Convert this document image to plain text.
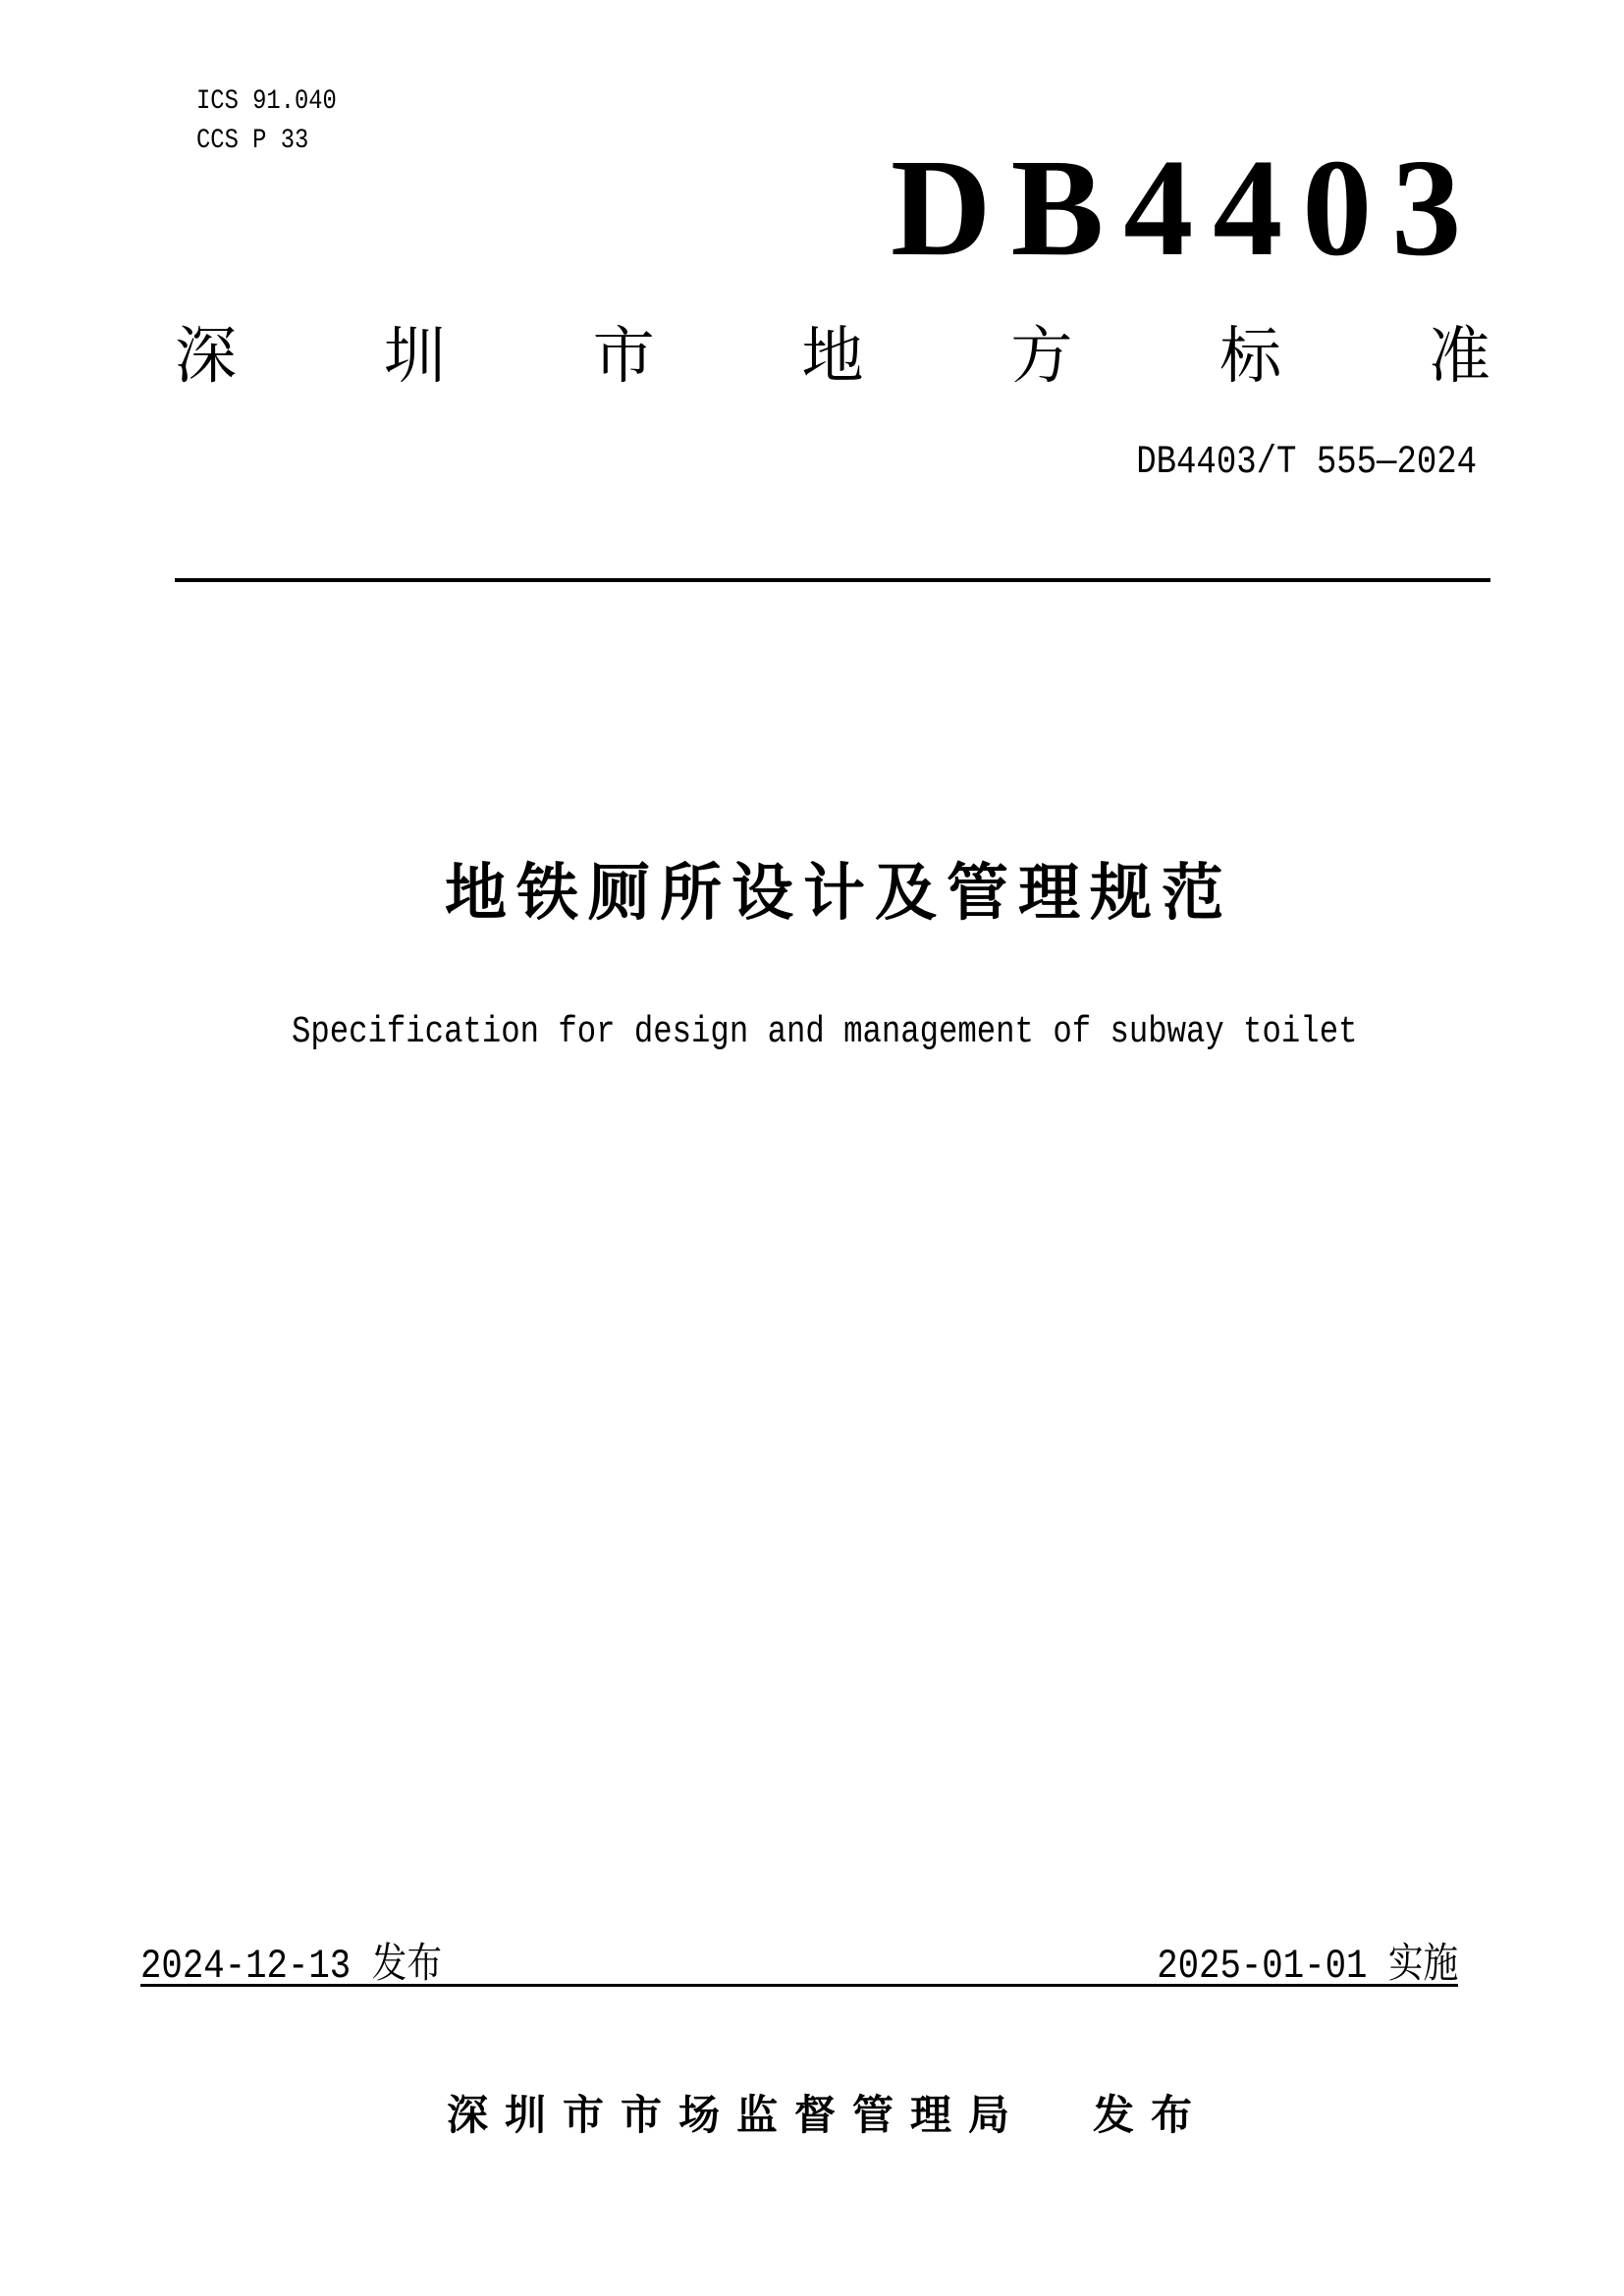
ICS 91.040
CCS P 33	DB4403
深 圳 市 地 方 标 准
DB4403/T 555—2024
地铁厕所设计及管理规范
Specification for design and management of subway toilet
2024-12-13 发布	2025-01-01 实施
深圳市市场监督管理局 发布
